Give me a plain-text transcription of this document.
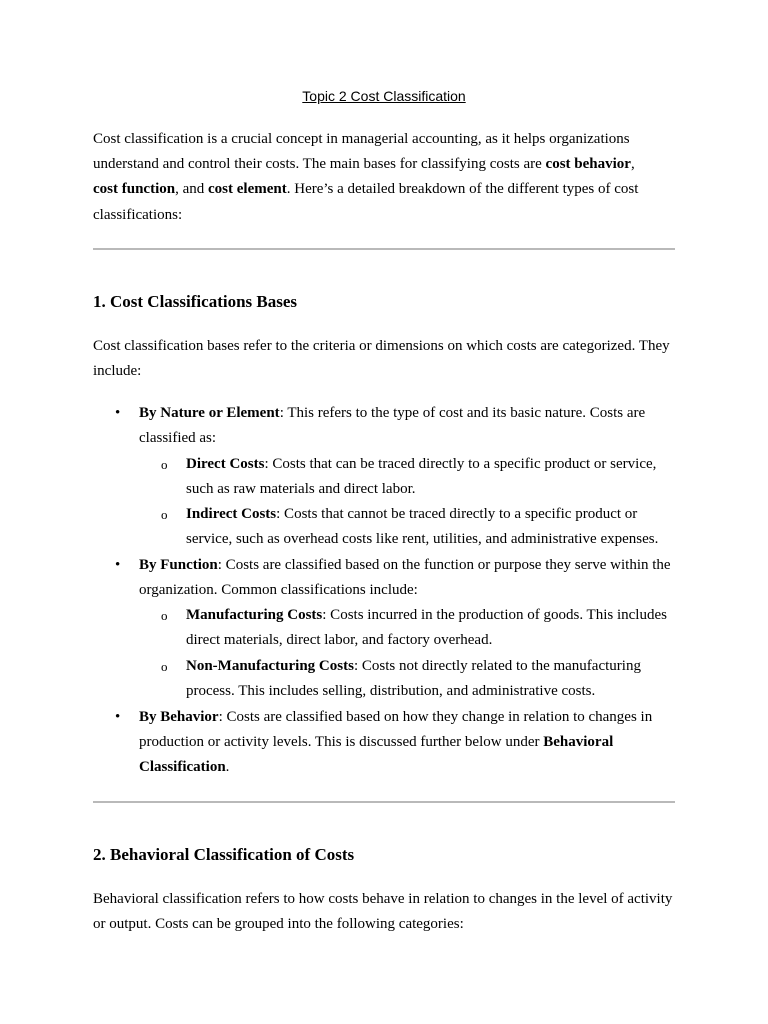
Topic 2 Cost Classification
Cost classification is a crucial concept in managerial accounting, as it helps organizations understand and control their costs. The main bases for classifying costs are cost behavior,
cost function, and cost element. Here’s a detailed breakdown of the different types of cost classifications:
1. Cost Classifications Bases
Cost classification bases refer to the criteria or dimensions on which costs are categorized. They include:
• By Nature or Element: This refers to the type of cost and its basic nature. Costs are classified as:
o Direct Costs: Costs that can be traced directly to a specific product or service, such as raw materials and direct labor.
o Indirect Costs: Costs that cannot be traced directly to a specific product or service, such as overhead costs like rent, utilities, and administrative expenses.
• By Function: Costs are classified based on the function or purpose they serve within the organization. Common classifications include:
o Manufacturing Costs: Costs incurred in the production of goods. This includes direct materials, direct labor, and factory overhead.
o Non-Manufacturing Costs: Costs not directly related to the manufacturing process. This includes selling, distribution, and administrative costs.
• By Behavior: Costs are classified based on how they change in relation to changes in production or activity levels. This is discussed further below under Behavioral Classification.
2. Behavioral Classification of Costs
Behavioral classification refers to how costs behave in relation to changes in the level of activity or output. Costs can be grouped into the following categories:
